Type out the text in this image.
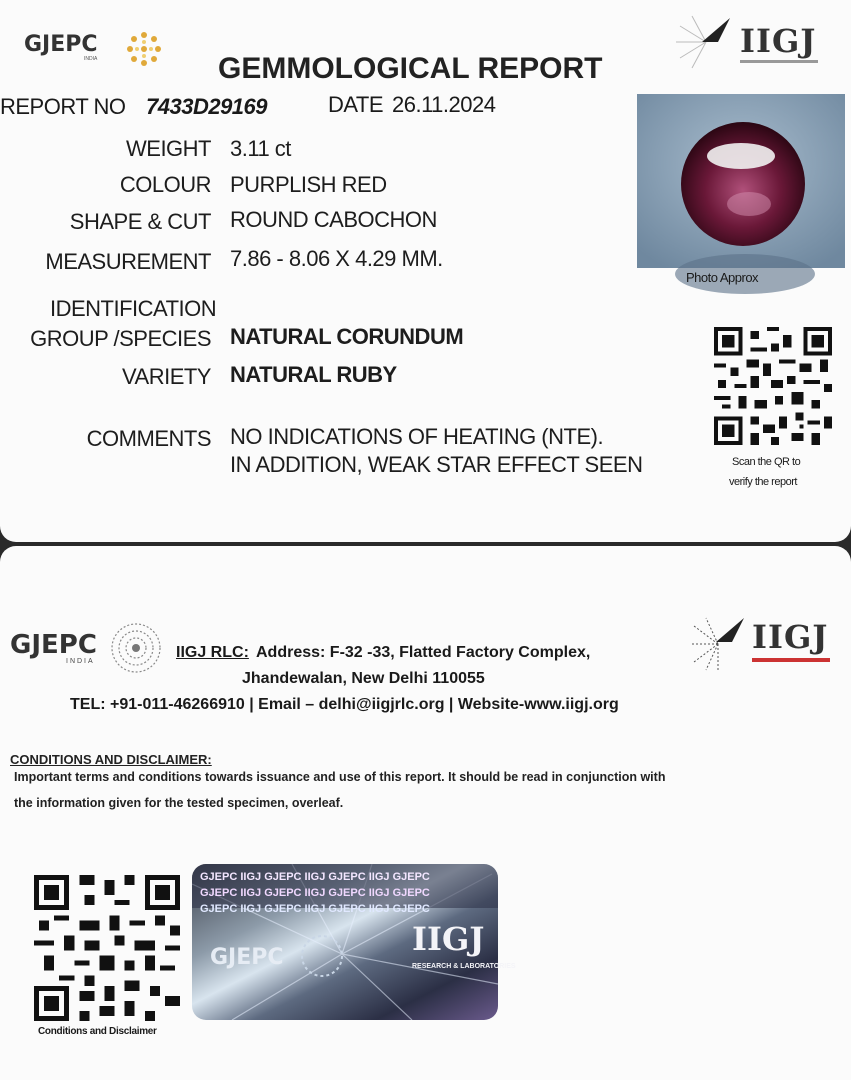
GJEPC
INDIA	IIGJ
GEMMOLOGICAL REPORT
REPORT NO 7433D29169	DATE 26.11.2024
WEIGHT 3.11 ct
COLOUR PURPLISH RED
SHAPE & CUT ROUND CABOCHON
MEASUREMENT 7.86 - 8.06 X 4.29 MM.
IDENTIFICATION
GROUP /SPECIES NATURAL CORUNDUM
VARIETY NATURAL RUBY
COMMENTS NO INDICATIONS OF HEATING (NTE).
IN ADDITION, WEAK STAR EFFECT SEEN
Photo Approx
Scan the QR to
verify the report
GJEPC
INDIA
IIGJ
IIGJ RLC: Address: F-32 -33, Flatted Factory Complex,
Jhandewalan, New Delhi 110055
TEL: +91-011-46266910 | Email – delhi@iigjrlc.org | Website-www.iigj.org
CONDITIONS AND DISCLAIMER:
Important terms and conditions towards issuance and use of this report. It should be read in conjunction with
the information given for the tested specimen, overleaf.
Conditions and Disclaimer
GJEPC IIGJ GJEPC IIGJ GJEPC IIGJ GJEPC
GJEPC IIGJ GJEPC IIGJ GJEPC IIGJ GJEPC
GJEPC IIGJ GJEPC IIGJ GJEPC IIGJ GJEPC
GJEPC	IIGJ
RESEARCH & LABORATORIES
